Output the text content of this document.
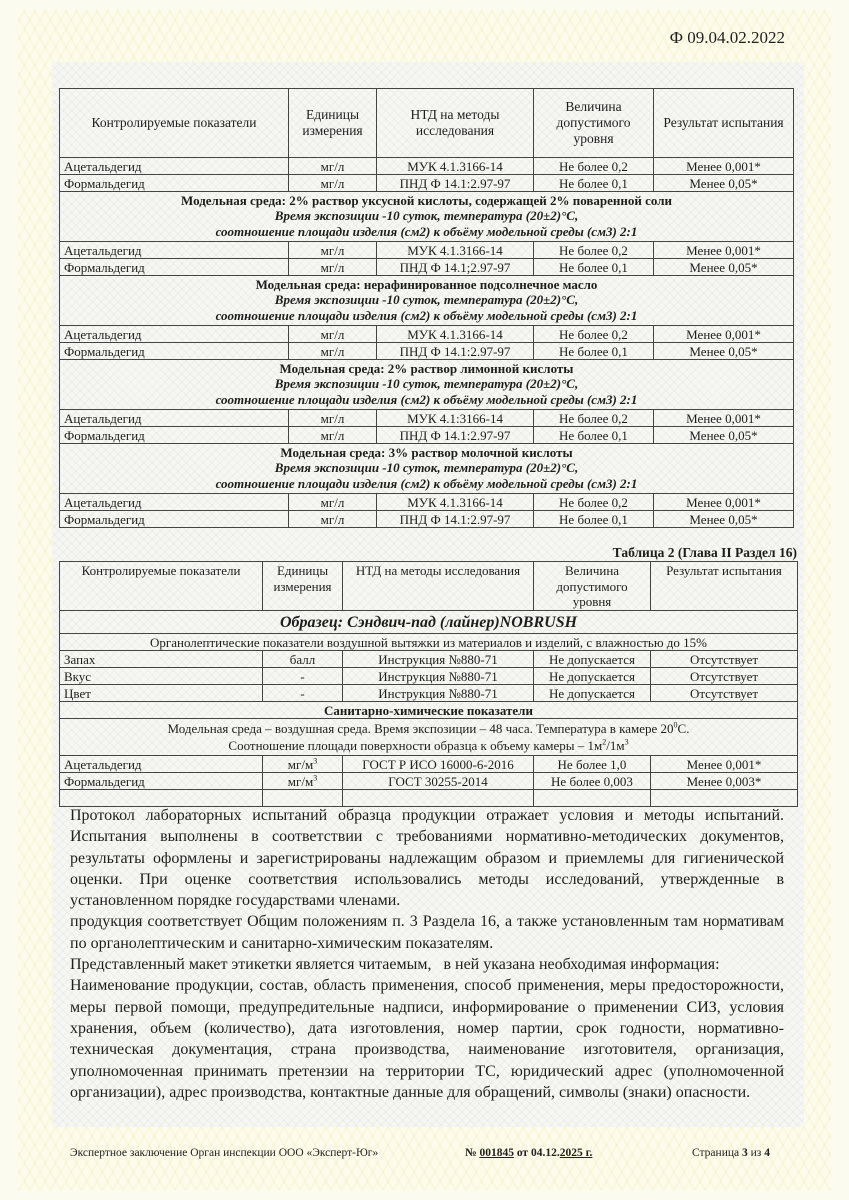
Ф 09.04.02.2022
Контролируемые показатели	Единицы измерения	НТД на методы исследования	Величина допустимого уровня	Результат испытания
Ацетальдегид	мг/л	МУК 4.1.3166-14	Не более 0,2	Менее 0,001*
Формальдегид	мг/л	ПНД Ф 14.1:2.97-97	Не более 0,1	Менее 0,05*

Модельная среда: 2% раствор уксусной кислоты, содержащей 2% поваренной соли
Время экспозиции -10 суток, температура (20±2)°С,
соотношение площади изделия (см2) к объёму модельной среды (см3) 2:1				

Ацетальдегид	мг/л	МУК 4.1.3166-14	Не более 0,2	Менее 0,001*
Формальдегид	мг/л	ПНД Ф 14.1;2.97-97	Не более 0,1	Менее 0,05*

Модельная среда: нерафинированное подсолнечное масло
Время экспозиции -10 суток, температура (20±2)°С,
соотношение площади изделия (см2) к объёму модельной среды (см3) 2:1				

Ацетальдегид	мг/л	МУК 4.1.3166-14	Не более 0,2	Менее 0,001*
Формальдегид	мг/л	ПНД Ф 14.1:2.97-97	Не более 0,1	Менее 0,05*

Модельная среда: 2% раствор лимонной кислоты
Время экспозиции -10 суток, температура (20±2)°С,
соотношение площади изделия (см2) к объёму модельной среды (см3) 2:1				

Ацетальдегид	мг/л	МУК 4.1:3166-14	Не более 0,2	Менее 0,001*
Формальдегид	мг/л	ПНД Ф 14.1:2.97-97	Не более 0,1	Менее 0,05*

Модельная среда: 3% раствор молочной кислоты
Время экспозиции -10 суток, температура (20±2)°С,
соотношение площади изделия (см2) к объёму модельной среды (см3) 2:1				

Ацетальдегид	мг/л	МУК 4.1.3166-14	Не более 0,2	Менее 0,001*
Формальдегид	мг/л	ПНД Ф 14.1:2.97-97	Не более 0,1	Менее 0,05*
Таблица 2 (Глава II Раздел 16)
Контролируемые показатели	Единицы измерения	НТД на методы исследования	Величина допустимого уровня	Результат испытания
Образец: Сэндвич-пад (лайнер)NOBRUSH				
Органолептические показатели воздушной вытяжки из материалов и изделий, с влажностью до 15%				
Запах	балл	Инструкция №880-71	Не допускается	Отсутствует
Вкус	-	Инструкция №880-71	Не допускается	Отсутствует
Цвет	-	Инструкция №880-71	Не допускается	Отсутствует
Санитарно-химические показатели				
Модельная среда – воздушная среда. Время экспозиции – 48 часа. Температура в камере $20^0С$.
Соотношение площади поверхности образца к объему камеры – $1м^2/1м^3$
Ацетальдегид	$мг/м^3$	ГОСТ Р ИСО 16000-6-2016	Не более 1,0	Менее 0,001*
Формальдегид	$мг/м^3$	ГОСТ 30255-2014	Не более 0,003	Менее 0,003*

Протокол лабораторных испытаний образца продукции отражает условия и методы испытаний. Испытания выполнены в соответствии с требованиями нормативно-методических документов, результаты оформлены и зарегистрированы надлежащим образом и приемлемы для гигиенической оценки. При оценке соответствия использовались методы исследований, утвержденные в установленном порядке государствами членами.

продукция соответствует Общим положениям п. 3 Раздела 16, а также установленным там нормативам по органолептическим и санитарно-химическим показателям.

Представленный макет этикетки является читаемым,   в ней указана необходимая информация:

Наименование продукции, состав, область применения, способ применения, меры предосторожности, меры первой помощи, предупредительные надписи, информирование о применении СИЗ, условия хранения, объем (количество), дата изготовления, номер партии, срок годности, нормативно-техническая документация, страна производства, наименование изготовителя, организация, уполномоченная принимать претензии на территории ТС, юридический адрес (уполномоченной организации), адрес производства, контактные данные для обращений, символы (знаки) опасности.

Экспертное заключение Орган инспекции ООО «Эксперт-Юг»	№ 001845 от 04.12.2025 г.	Страница 3 из 4
